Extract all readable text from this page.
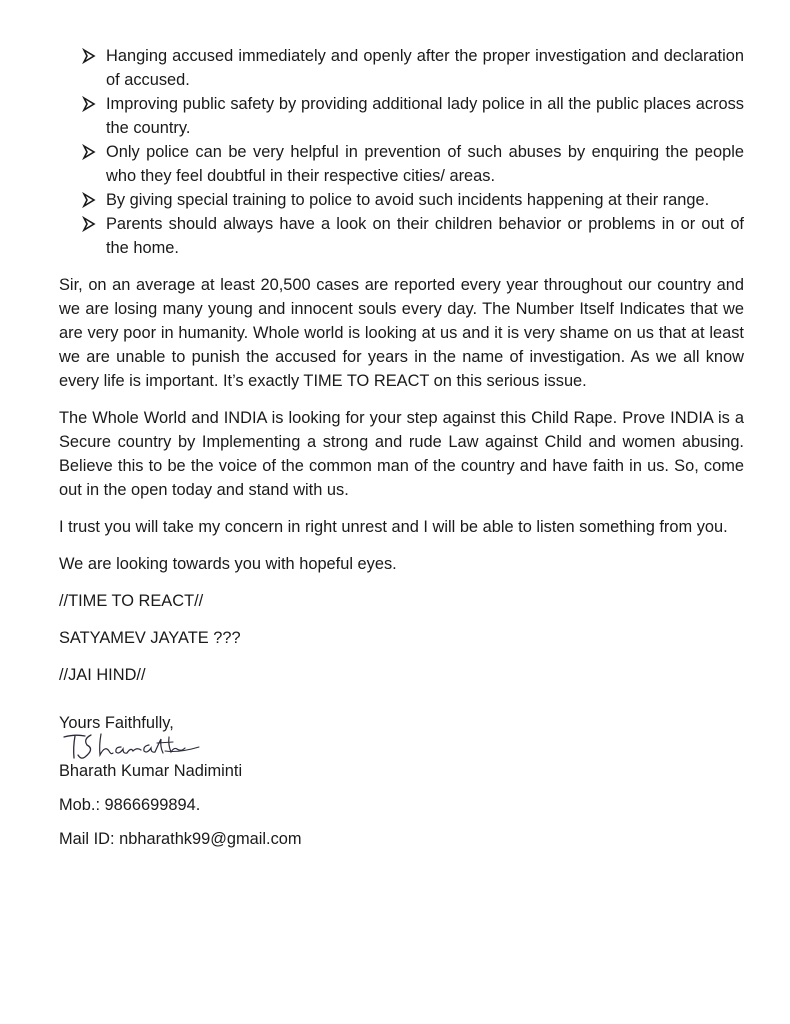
Hanging accused immediately and openly after the proper investigation and declaration of accused.
Improving public safety by providing additional lady police in all the public places across the country.
Only police can be very helpful in prevention of such abuses by enquiring the people who they feel doubtful in their respective cities/ areas.
By giving special training to police to avoid such incidents happening at their range.
Parents should always have a look on their children behavior or problems in or out of the home.

Sir, on an average at least 20,500 cases are reported every year throughout our country and we are losing many young and innocent souls every day. The Number Itself Indicates that we are very poor in humanity. Whole world is looking at us and it is very shame on us that at least we are unable to punish the accused for years in the name of investigation. As we all know every life is important. It’s exactly TIME TO REACT on this serious issue.

The Whole World and INDIA is looking for your step against this Child Rape. Prove INDIA is a Secure country by Implementing a strong and rude Law against Child and women abusing. Believe this to be the voice of the common man of the country and have faith in us. So, come out in the open today and stand with us.

I trust you will take my concern in right unrest and I will be able to listen something from you.

We are looking towards you with hopeful eyes.

//TIME TO REACT//

SATYAMEV JAYATE ???

//JAI HIND//

Yours Faithfully,

Bharath Kumar Nadiminti

Mob.: 9866699894.

Mail ID: nbharathk99@gmail.com
